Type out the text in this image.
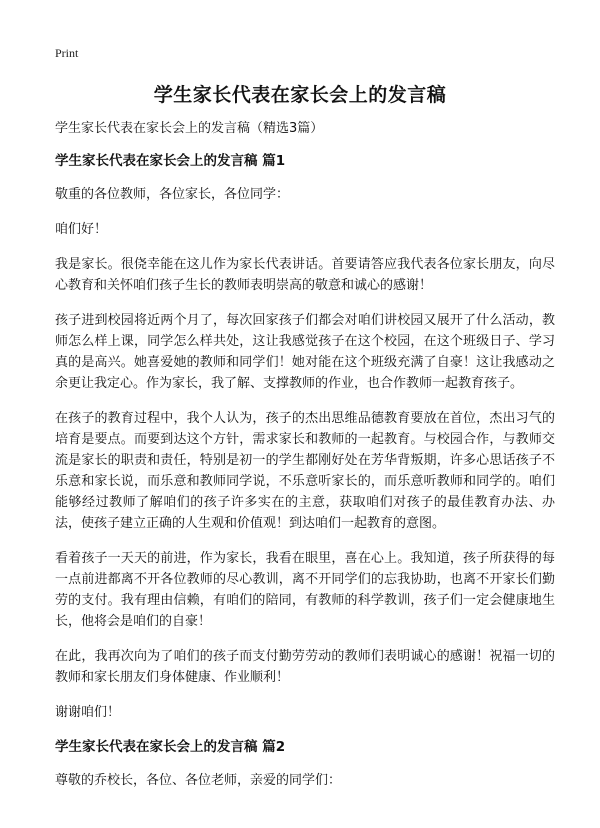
Print
学生家长代表在家长会上的发言稿

学生家长代表在家长会上的发言稿（精选3篇）

学生家长代表在家长会上的发言稿 篇1

敬重的各位教师，各位家长，各位同学：

咱们好！

我是家长。很侥幸能在这儿作为家长代表讲话。首要请答应我代表各位家长朋友，向尽心教育和关怀咱们孩子生长的教师表明崇高的敬意和诚心的感谢！

孩子进到校园将近两个月了，每次回家孩子们都会对咱们讲校园又展开了什么活动，教师怎么样上课，同学怎么样共处，这让我感觉孩子在这个校园，在这个班级日子、学习真的是高兴。她喜爱她的教师和同学们！她对能在这个班级充满了自豪！这让我感动之余更让我定心。作为家长，我了解、支撑教师的作业，也合作教师一起教育孩子。

在孩子的教育过程中，我个人认为，孩子的杰出思维品德教育要放在首位，杰出习气的培育是要点。而要到达这个方针，需求家长和教师的一起教育。与校园合作，与教师交流是家长的职责和责任，特别是初一的学生都刚好处在芳华背叛期，许多心思话孩子不乐意和家长说，而乐意和教师同学说，不乐意听家长的，而乐意听教师和同学的。咱们能够经过教师了解咱们的孩子许多实在的主意，获取咱们对孩子的最佳教育办法、办法，使孩子建立正确的人生观和价值观！到达咱们一起教育的意图。

看着孩子一天天的前进，作为家长，我看在眼里，喜在心上。我知道，孩子所获得的每一点前进都离不开各位教师的尽心教训，离不开同学们的忘我协助，也离不开家长们勤劳的支付。我有理由信赖，有咱们的陪同，有教师的科学教训，孩子们一定会健康地生长，他将会是咱们的自豪！

在此，我再次向为了咱们的孩子而支付勤劳劳动的教师们表明诚心的感谢！祝福一切的教师和家长朋友们身体健康、作业顺利！

谢谢咱们！

学生家长代表在家长会上的发言稿 篇2

尊敬的乔校长，各位、各位老师，亲爱的同学们：
